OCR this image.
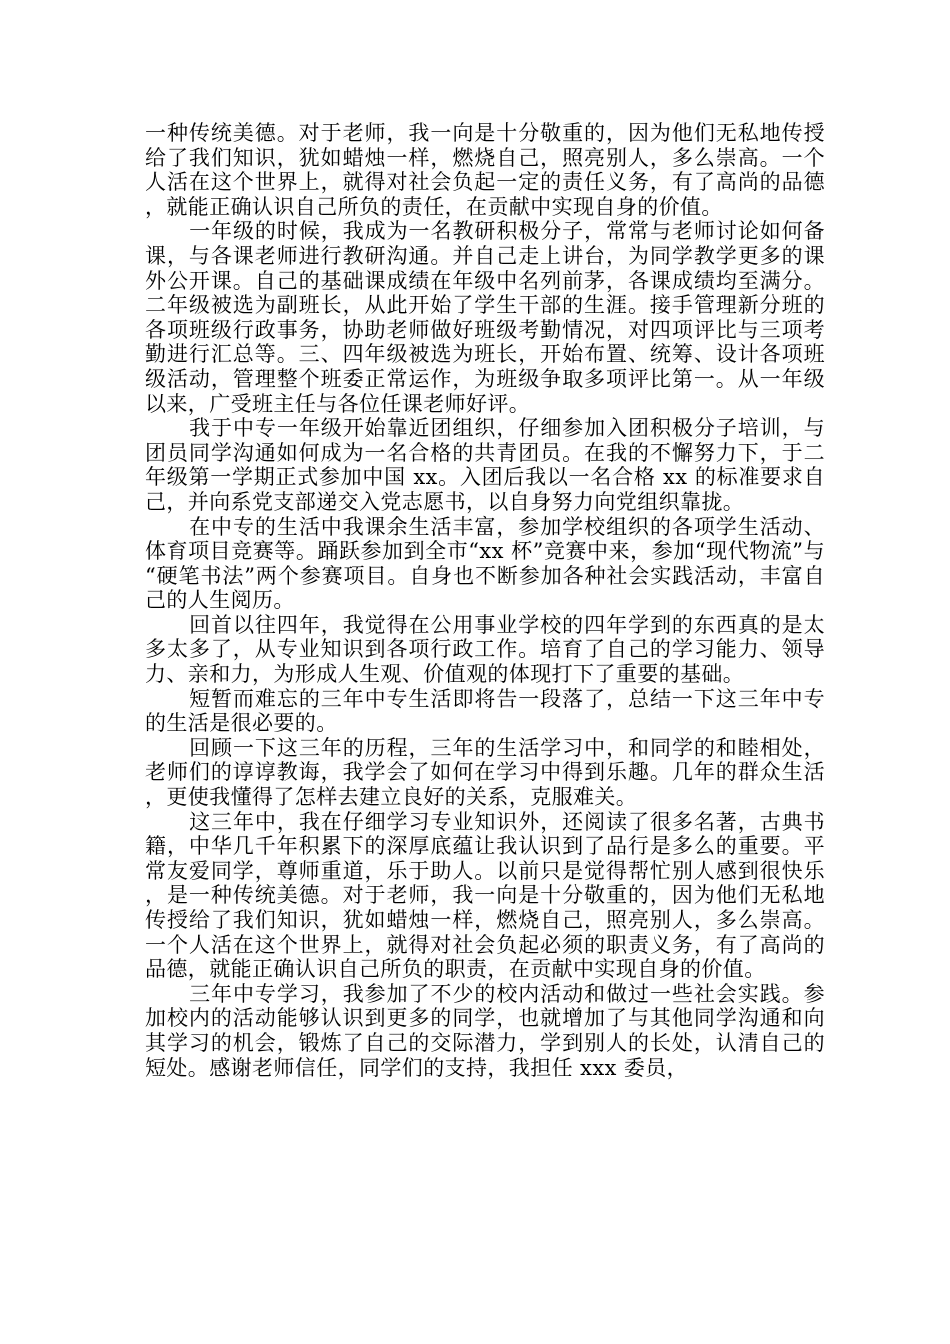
一种传统美德。对于老师，我一向是十分敬重的，因为他们无私地传授给了我们知识，犹如蜡烛一样，燃烧自己，照亮别人，多么崇高。一个人活在这个世界上，就得对社会负起一定的责任义务，有了高尚的品德，就能正确认识自己所负的责任，在贡献中实现自身的价值。

一年级的时候，我成为一名教研积极分子，常常与老师讨论如何备课，与各课老师进行教研沟通。并自己走上讲台，为同学教学更多的课外公开课。自己的基础课成绩在年级中名列前茅，各课成绩均至满分。二年级被选为副班长，从此开始了学生干部的生涯。接手管理新分班的各项班级行政事务，协助老师做好班级考勤情况，对四项评比与三项考勤进行汇总等。三、四年级被选为班长，开始布置、统筹、设计各项班级活动，管理整个班委正常运作，为班级争取多项评比第一。从一年级以来，广受班主任与各位任课老师好评。

我于中专一年级开始靠近团组织，仔细参加入团积极分子培训，与团员同学沟通如何成为一名合格的共青团员。在我的不懈努力下，于二年级第一学期正式参加中国 xx。入团后我以一名合格 xx 的标准要求自己，并向系党支部递交入党志愿书，以自身努力向党组织靠拢。

在中专的生活中我课余生活丰富，参加学校组织的各项学生活动、体育项目竞赛等。踊跃参加到全市“xx 杯”竞赛中来，参加“现代物流”与“硬笔书法”两个参赛项目。自身也不断参加各种社会实践活动，丰富自己的人生阅历。

回首以往四年，我觉得在公用事业学校的四年学到的东西真的是太多太多了，从专业知识到各项行政工作。培育了自己的学习能力、领导力、亲和力，为形成人生观、价值观的体现打下了重要的基础。

短暂而难忘的三年中专生活即将告一段落了，总结一下这三年中专的生活是很必要的。

回顾一下这三年的历程，三年的生活学习中，和同学的和睦相处，老师们的谆谆教诲，我学会了如何在学习中得到乐趣。几年的群众生活，更使我懂得了怎样去建立良好的关系，克服难关。

这三年中，我在仔细学习专业知识外，还阅读了很多名著，古典书籍，中华几千年积累下的深厚底蕴让我认识到了品行是多么的重要。平常友爱同学，尊师重道，乐于助人。以前只是觉得帮忙别人感到很快乐，是一种传统美德。对于老师，我一向是十分敬重的，因为他们无私地传授给了我们知识，犹如蜡烛一样，燃烧自己，照亮别人，多么崇高。一个人活在这个世界上，就得对社会负起必须的职责义务，有了高尚的品德，就能正确认识自己所负的职责，在贡献中实现自身的价值。

三年中专学习，我参加了不少的校内活动和做过一些社会实践。参加校内的活动能够认识到更多的同学，也就增加了与其他同学沟通和向其学习的机会，锻炼了自己的交际潜力，学到别人的长处，认清自己的短处。感谢老师信任，同学们的支持，我担任 xxx 委员，
